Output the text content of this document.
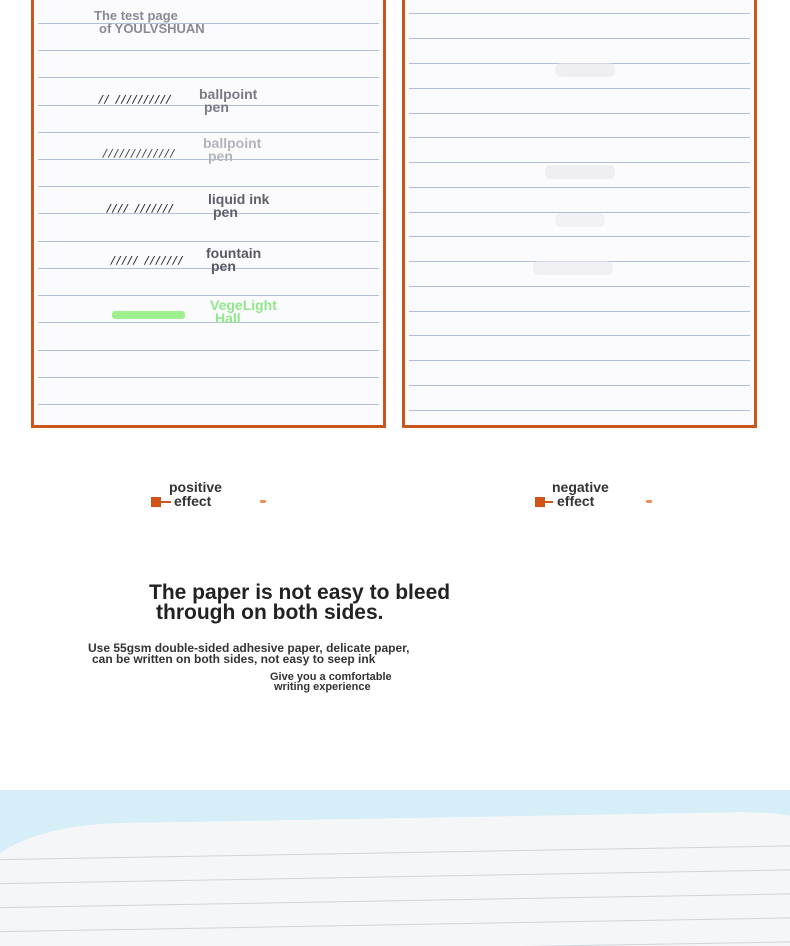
The test page
of YOULVSHUAN
// ////////// ballpoint
pen
/////////////
ballpoint
pen
//// ///////
liquid ink
pen
///// /////// fountain
pen
VegeLight
Hall
positive
effect
negative
effect
The paper is not easy to bleed
through on both sides.
Use 55gsm double-sided adhesive paper, delicate paper,
can be written on both sides, not easy to seep ink
Give you a comfortable
writing experience
